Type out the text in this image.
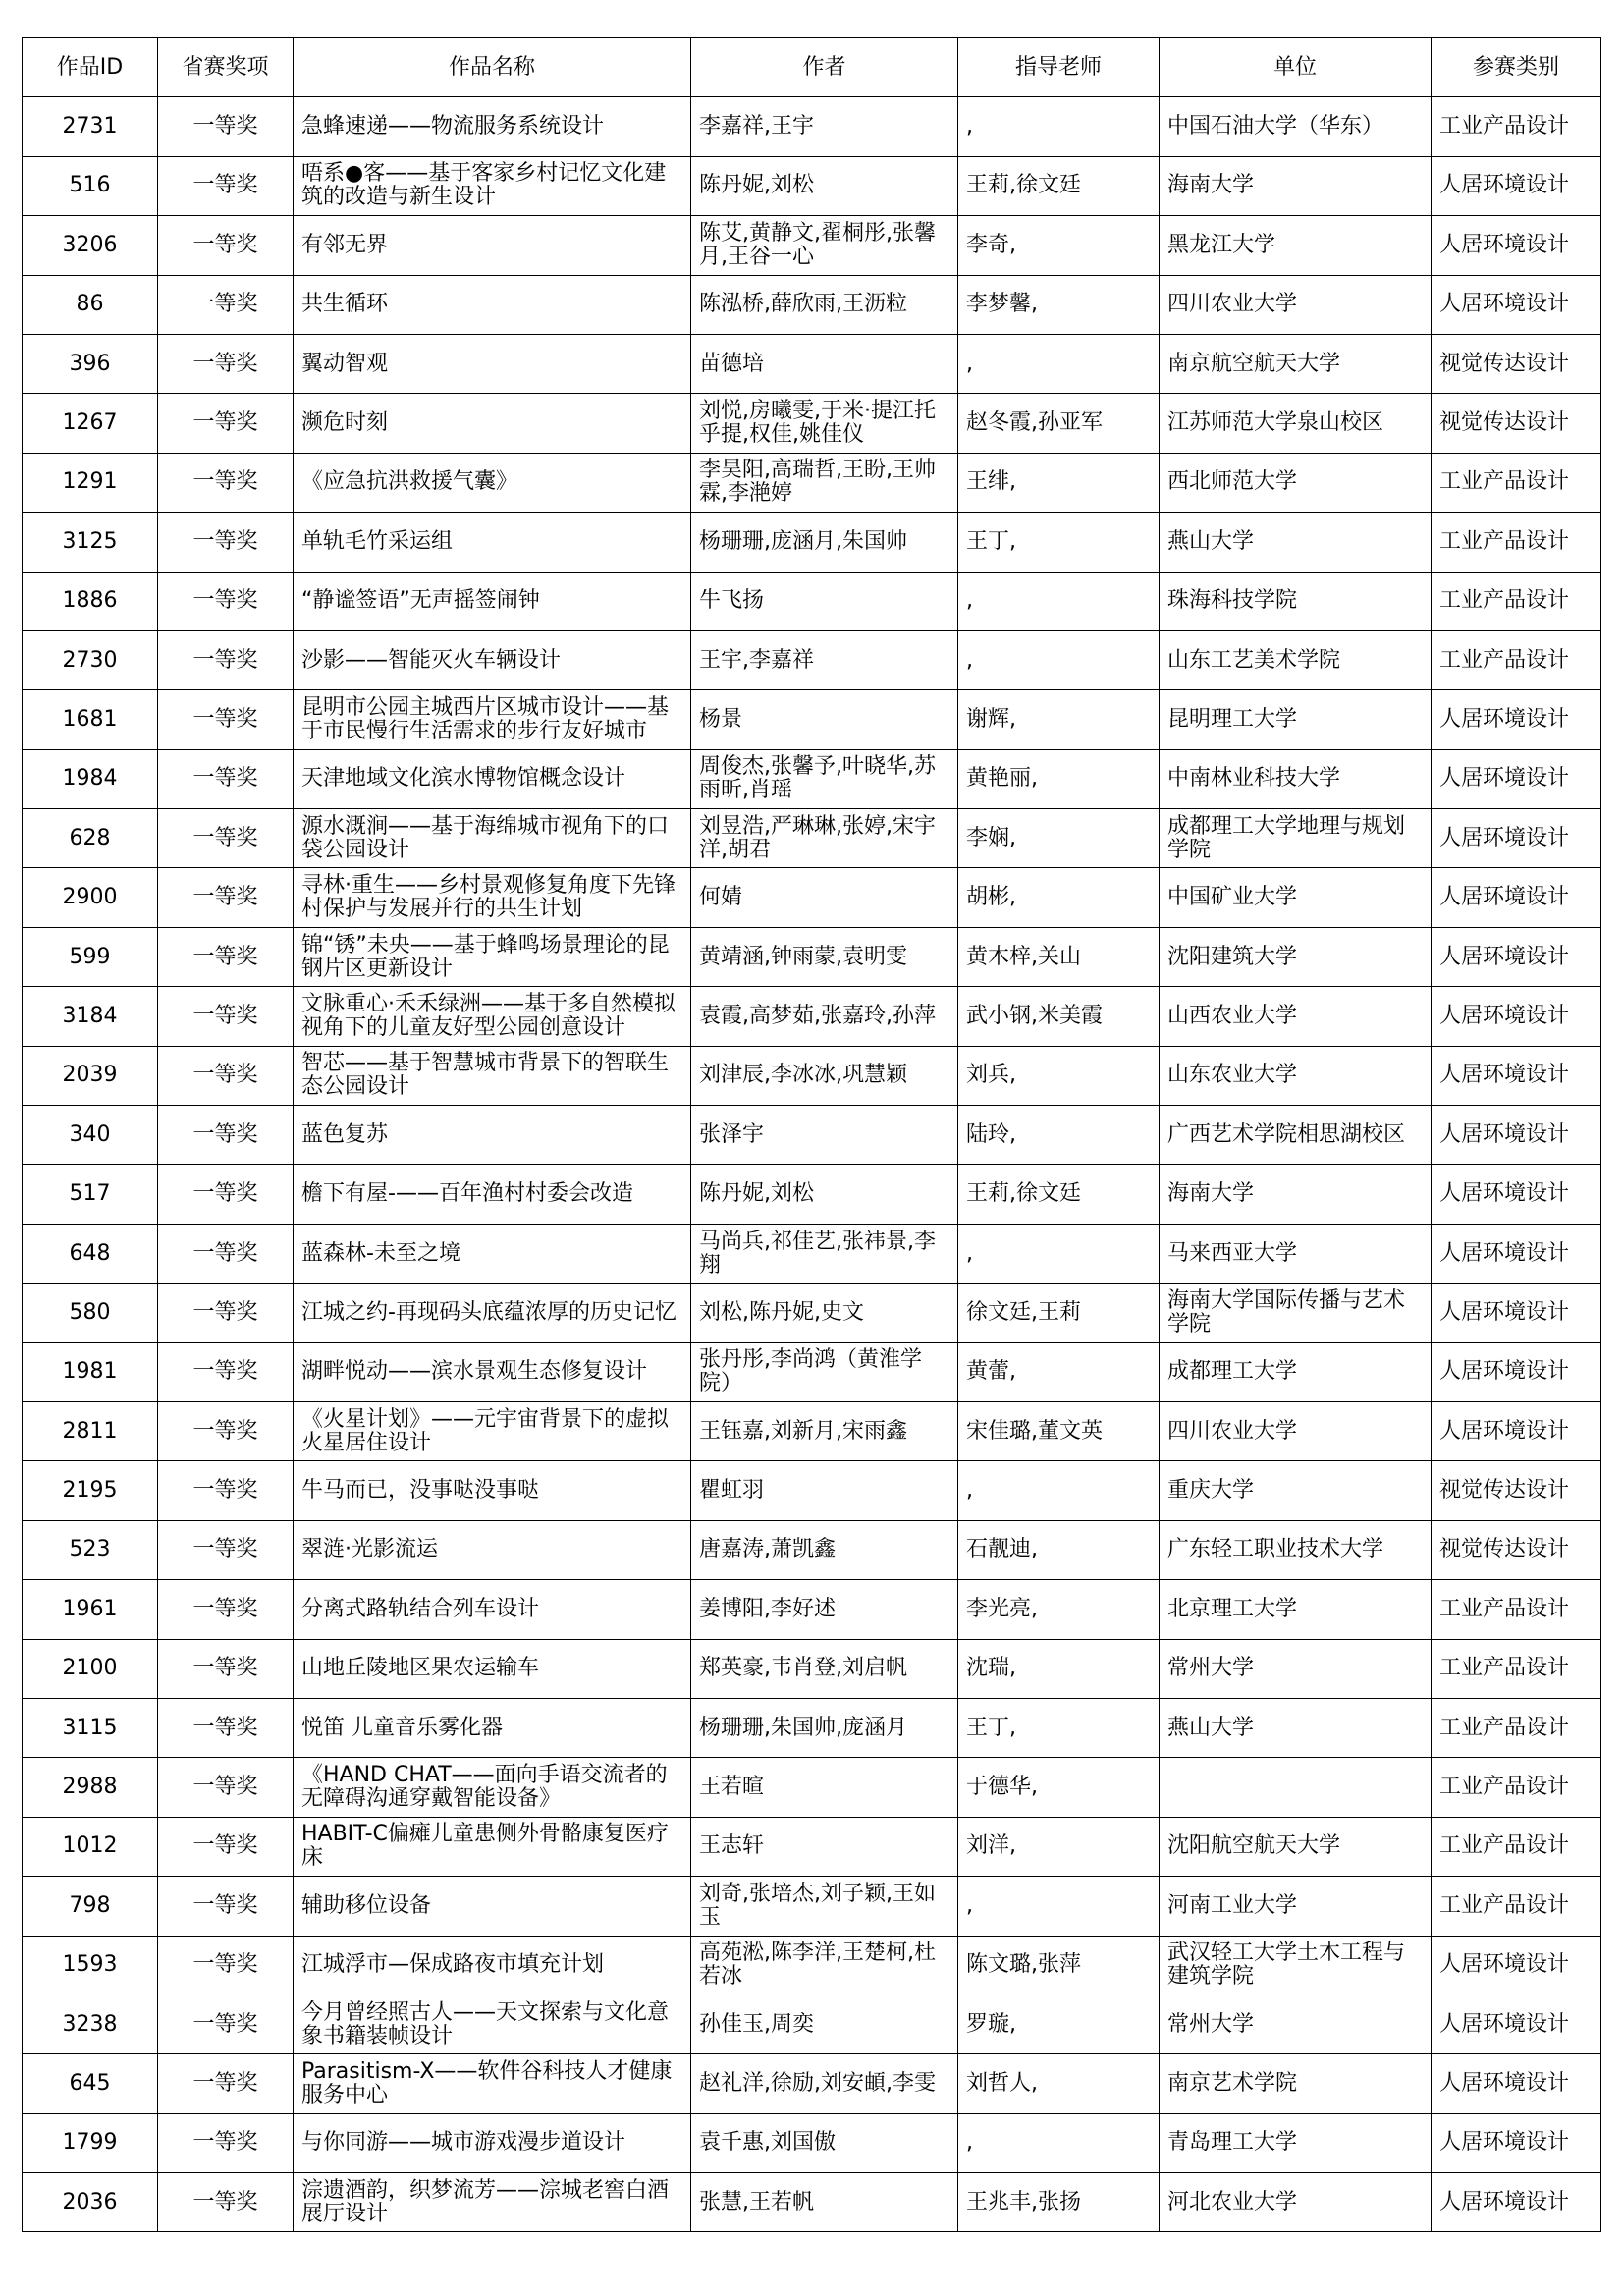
作品ID	省赛奖项	作品名称	作者	指导老师	单位	参赛类别
2731	一等奖	急蜂速递——物流服务系统设计	李嘉祥,王宇	,	中国石油大学（华东）	工业产品设计
516	一等奖	唔系●客——基于客家乡村记忆文化建筑的改造与新生设计	陈丹妮,刘松	王莉,徐文廷	海南大学	人居环境设计
3206	一等奖	有邻无界	陈艾,黄静文,翟桐彤,张馨月,王谷一心	李奇,	黑龙江大学	人居环境设计
86	一等奖	共生循环	陈泓桥,薛欣雨,王沥粒	李梦馨,	四川农业大学	人居环境设计
396	一等奖	翼动智观	苗德培	,	南京航空航天大学	视觉传达设计
1267	一等奖	濒危时刻	刘悦,房曦雯,于米·提江托乎提,权佳,姚佳仪	赵冬霞,孙亚军	江苏师范大学泉山校区	视觉传达设计
1291	一等奖	《应急抗洪救援气囊》	李昊阳,高瑞哲,王盼,王帅霖,李滟婷	王绯,	西北师范大学	工业产品设计
3125	一等奖	单轨毛竹采运组	杨珊珊,庞涵月,朱国帅	王丁,	燕山大学	工业产品设计
1886	一等奖	“静谧签语”无声摇签闹钟	牛飞扬	,	珠海科技学院	工业产品设计
2730	一等奖	沙影——智能灭火车辆设计	王宇,李嘉祥	,	山东工艺美术学院	工业产品设计
1681	一等奖	昆明市公园主城西片区城市设计——基于市民慢行生活需求的步行友好城市	杨景	谢辉,	昆明理工大学	人居环境设计
1984	一等奖	天津地域文化滨水博物馆概念设计	周俊杰,张馨予,叶晓华,苏雨昕,肖瑶	黄艳丽,	中南林业科技大学	人居环境设计
628	一等奖	源水溉涧——基于海绵城市视角下的口袋公园设计	刘昱浩,严琳琳,张婷,宋宇洋,胡君	李娴,	成都理工大学地理与规划学院	人居环境设计
2900	一等奖	寻林·重生——乡村景观修复角度下先锋村保护与发展并行的共生计划	何婧	胡彬,	中国矿业大学	人居环境设计
599	一等奖	锦“锈”未央——基于蜂鸣场景理论的昆钢片区更新设计	黄靖涵,钟雨蒙,袁明雯	黄木梓,关山	沈阳建筑大学	人居环境设计
3184	一等奖	文脉重心·禾禾绿洲——基于多自然模拟视角下的儿童友好型公园创意设计	袁霞,高梦茹,张嘉玲,孙萍	武小钢,米美霞	山西农业大学	人居环境设计
2039	一等奖	智芯——基于智慧城市背景下的智联生态公园设计	刘津辰,李冰冰,巩慧颖	刘兵,	山东农业大学	人居环境设计
340	一等奖	蓝色复苏	张泽宇	陆玲,	广西艺术学院相思湖校区	人居环境设计
517	一等奖	檐下有屋-——百年渔村村委会改造	陈丹妮,刘松	王莉,徐文廷	海南大学	人居环境设计
648	一等奖	蓝森林-未至之境	马尚兵,祁佳艺,张祎景,李翔	,	马来西亚大学	人居环境设计
580	一等奖	江城之约-再现码头底蕴浓厚的历史记忆	刘松,陈丹妮,史文	徐文廷,王莉	海南大学国际传播与艺术学院	人居环境设计
1981	一等奖	湖畔悦动——滨水景观生态修复设计	张丹彤,李尚鸿（黄淮学院）	黄蕾,	成都理工大学	人居环境设计
2811	一等奖	《火星计划》——元宇宙背景下的虚拟火星居住设计	王钰嘉,刘新月,宋雨鑫	宋佳璐,董文英	四川农业大学	人居环境设计
2195	一等奖	牛马而已，没事哒没事哒	瞿虹羽	,	重庆大学	视觉传达设计
523	一等奖	翠涟·光影流运	唐嘉涛,萧凯鑫	石靓迪,	广东轻工职业技术大学	视觉传达设计
1961	一等奖	分离式路轨结合列车设计	姜博阳,李好述	李光亮,	北京理工大学	工业产品设计
2100	一等奖	山地丘陵地区果农运输车	郑英豪,韦肖登,刘启帆	沈瑞,	常州大学	工业产品设计
3115	一等奖	悦笛 儿童音乐雾化器	杨珊珊,朱国帅,庞涵月	王丁,	燕山大学	工业产品设计
2988	一等奖	《HAND CHAT——面向手语交流者的无障碍沟通穿戴智能设备》	王若暄	于德华,		工业产品设计
1012	一等奖	HABIT-C偏瘫儿童患侧外骨骼康复医疗床	王志轩	刘洋,	沈阳航空航天大学	工业产品设计
798	一等奖	辅助移位设备	刘奇,张培杰,刘子颖,王如玉	,	河南工业大学	工业产品设计
1593	一等奖	江城浮市—保成路夜市填充计划	高苑淞,陈李洋,王楚柯,杜若冰	陈文璐,张萍	武汉轻工大学土木工程与建筑学院	人居环境设计
3238	一等奖	今月曾经照古人——天文探索与文化意象书籍装帧设计	孙佳玉,周奕	罗璇,	常州大学	人居环境设计
645	一等奖	Parasitism-X——软件谷科技人才健康服务中心	赵礼洋,徐励,刘安頔,李雯	刘哲人,	南京艺术学院	人居环境设计
1799	一等奖	与你同游——城市游戏漫步道设计	袁千惠,刘国傲	,	青岛理工大学	人居环境设计
2036	一等奖	淙遗酒韵，织梦流芳——淙城老窖白酒展厅设计	张慧,王若帆	王兆丰,张扬	河北农业大学	人居环境设计
